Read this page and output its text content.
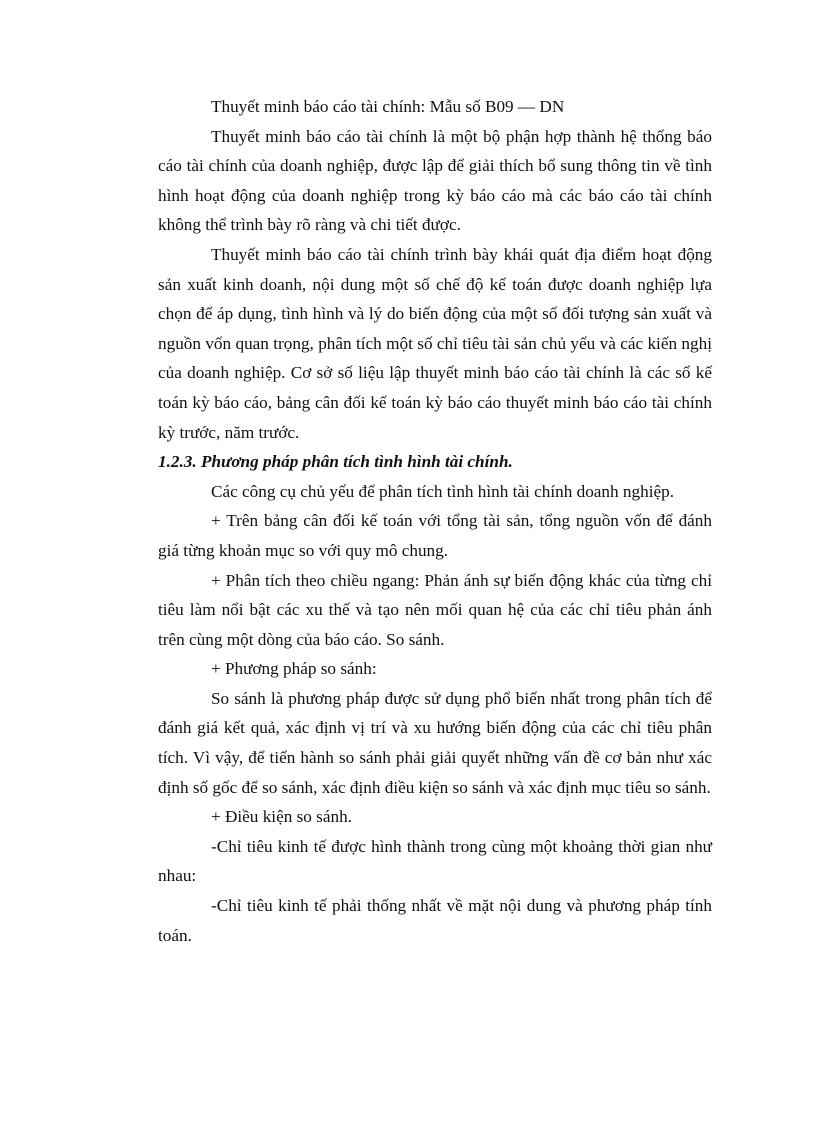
Thuyết minh báo cáo tài chính: Mẫu số B09 — DN

Thuyết minh báo cáo tài chính là một bộ phận hợp thành hệ thống báo cáo tài chính của doanh nghiệp, được lập để giải thích bổ sung thông tin về tình hình hoạt động của doanh nghiệp trong kỳ báo cáo mà các báo cáo tài chính không thể trình bày rõ ràng và chi tiết được.

Thuyết minh báo cáo tài chính trình bày khái quát địa điểm hoạt động sản xuất kinh doanh, nội dung một số chế độ kế toán được doanh nghiệp lựa chọn để áp dụng, tình hình và lý do biến động của một số đối tượng sản xuất và nguồn vốn quan trọng, phân tích một số chỉ tiêu tài sản chủ yếu và các kiến nghị của doanh nghiệp. Cơ sở số liệu lập thuyết minh báo cáo tài chính là các số kế toán kỳ báo cáo, bảng cân đối kế toán kỳ báo cáo thuyết minh báo cáo tài chính kỳ trước, năm trước.

1.2.3. Phương pháp phân tích tình hình tài chính.

Các công cụ chủ yếu để phân tích tình hình tài chính doanh nghiệp.

+ Trên bảng cân đối kế toán với tổng tài sản, tổng nguồn vốn để đánh giá từng khoản mục so với quy mô chung.

+ Phân tích theo chiều ngang: Phản ánh sự biến động khác của từng chỉ tiêu làm nổi bật các xu thế và tạo nên mối quan hệ của các chỉ tiêu phản ánh trên cùng một dòng của báo cáo. So sánh.

+ Phương pháp so sánh:

So sánh là phương pháp được sử dụng phổ biến nhất trong phân tích để đánh giá kết quả, xác định vị trí và xu hướng biến động của các chỉ tiêu phân tích. Vì vậy, để tiến hành so sánh phải giải quyết những vấn đề cơ bản như xác định số gốc để so sánh, xác định điều kiện so sánh và xác định mục tiêu so sánh.

+ Điều kiện so sánh.

-Chỉ tiêu kinh tế được hình thành trong cùng một khoảng thời gian như nhau:

-Chỉ tiêu kinh tế phải thống nhất về mặt nội dung và phương pháp tính toán.
